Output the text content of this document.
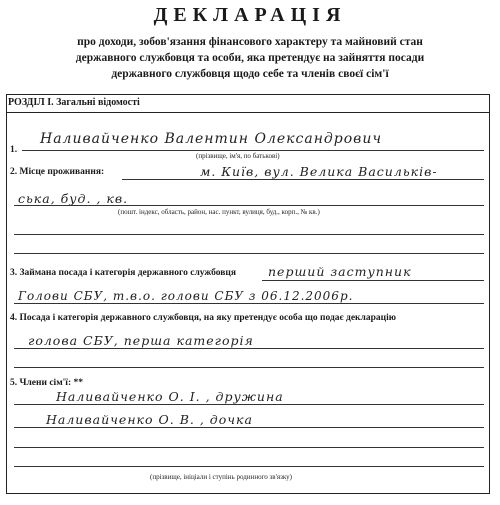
ДЕКЛАРАЦІЯ
про доходи, зобов'язання фінансового характеру та майновий стан
державного службовця та особи, яка претендує на зайняття посади
державного службовця щодо себе та членів своєї сім'ї
РОЗДІЛ І. Загальні відомості
1.
Наливайченко Валентин Олександрович
(прізвище, ім'я, по батькові)
2. Місце проживання:	м. Київ, вул. Велика Васильків-
ська, буд. , кв.
(пошт. індекс, область, район, нас. пункт, вулиця, буд., корп., № кв.)
3. Займана посада і категорія державного службовця	перший заступник
Голови СБУ, т.в.о. голови СБУ з 06.12.2006р.
4. Посада і категорія державного службовця, на яку претендує особа що подає декларацію
голова СБУ, перша категорія
5. Члени сім'ї: **
Наливайченко О. І. , дружина
Наливайченко О. В. , дочка
(прізвище, ініціали і ступінь родинного зв'язку)
